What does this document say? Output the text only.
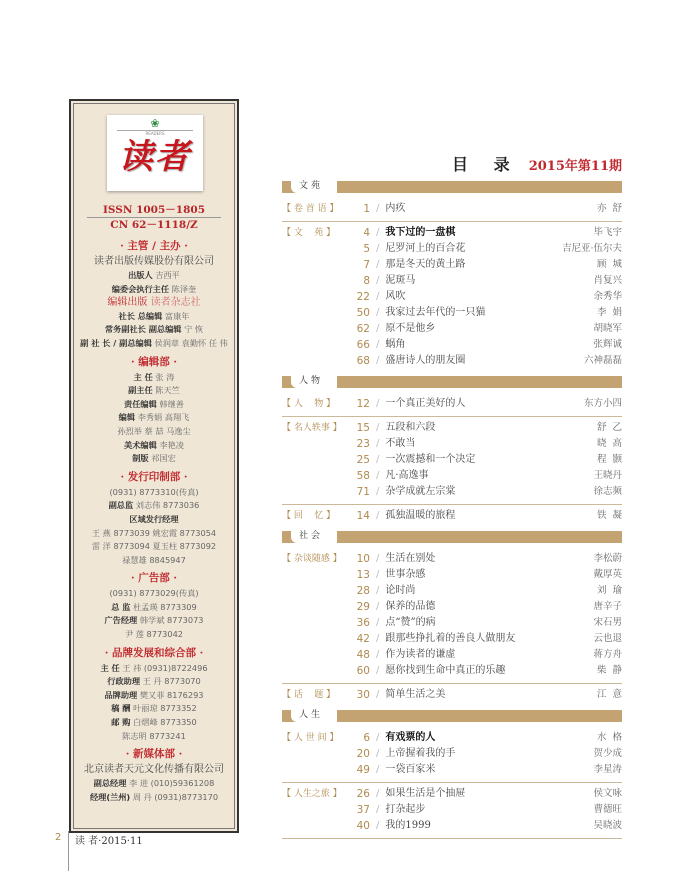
❀
READERS
读者
ISSN 1005－1805
CN 62－1118/Z
· 主管 / 主办 ·
读者出版传媒股份有限公司
出版人 吉西平
编委会执行主任 陈泽奎
编辑出版 读者杂志社
社长 总编辑 富康年
常务副社长 副总编辑 宁 恢
副 社 长 / 副总编辑 侯润章 袁勤怀 任 伟
· 编辑部 ·
主 任 张 涛
副主任 陈天竺
责任编辑 韩继善
编辑 李秀娟 高翔飞
孙烈举 蔡 喆 马逸尘
美术编辑 李艳凌
制版 祁国宏
· 发行印制部 ·
(0931) 8773310(传真)
副总监 刘志伟 8773036
区域发行经理
王 燕 8773039 姚宏霞 8773054
雷 洋 8773094 夏玉柱 8773092
禄慧雄 8845947
· 广告部 ·
(0931) 8773029(传真)
总 监 杜孟瑛 8773309
广告经理 韩学斌 8773073
尹 莲 8773042
· 品牌发展和综合部 ·
主 任 王 祎 (0931)8722496
行政助理 王 丹 8773070
品牌助理 樊又菲 8176293
稿 酬 叶丽琼 8773352
邮 购 白熠峰 8773350
陈志明 8773241
· 新媒体部 ·
北京读者天元文化传播有限公司
副总经理 李 进 (010)59361208
经理(兰州) 周 丹 (0931)8773170
目 录 2015年第11期
文苑
【 卷 首 语 】	1 / 内疚	亦  舒
【 文    苑 】	4 / 我下过的一盘棋	毕飞宇
5 / 尼罗河上的百合花	吉尼亚·伍尔夫
7 / 那是冬天的黄土路	顾  城
8 / 泥斑马	肖复兴
22 / 风吹	余秀华
50 / 我家过去年代的一只猫	李  娟
62 / 原不是他乡	胡晓军
66 / 蜗角	张辉诚
68 / 盛唐诗人的朋友圈	六神磊磊
人物
【 人    物 】	12 / 一个真正美好的人	东方小四
【 名人轶事 】	15 / 五段和六段	舒  乙
23 / 不敢当	晓  高
25 / 一次震撼和一个决定	程  颢
58 / 凡·高逸事	王晓丹
71 / 杂学成就左宗棠	徐志频
【 回    忆 】	14 / 孤独温暖的旅程	铁  凝
社会
【 杂谈随感 】	10 / 生活在别处	李松蔚
13 / 世事杂感	戴厚英
28 / 论时尚	刘  瑜
29 / 保养的品德	唐辛子
36 / 点“赞”的病	宋石男
42 / 跟那些挣扎着的善良人做朋友	云也退
48 / 作为读者的谦虚	蒋方舟
60 / 愿你找到生命中真正的乐趣	柴  静
【 话    题 】	30 / 简单生活之美	江  意
人生
【 人 世 间 】	6 / 有戏票的人	水  格
20 / 上帝握着我的手	贺少成
49 / 一袋百家米	李星涛
【 人生之旅 】	26 / 如果生活是个抽屉	侯文咏
37 / 打杂起步	曹德旺
40 / 我的1999	吴晓波
2 读 者·2015·11
